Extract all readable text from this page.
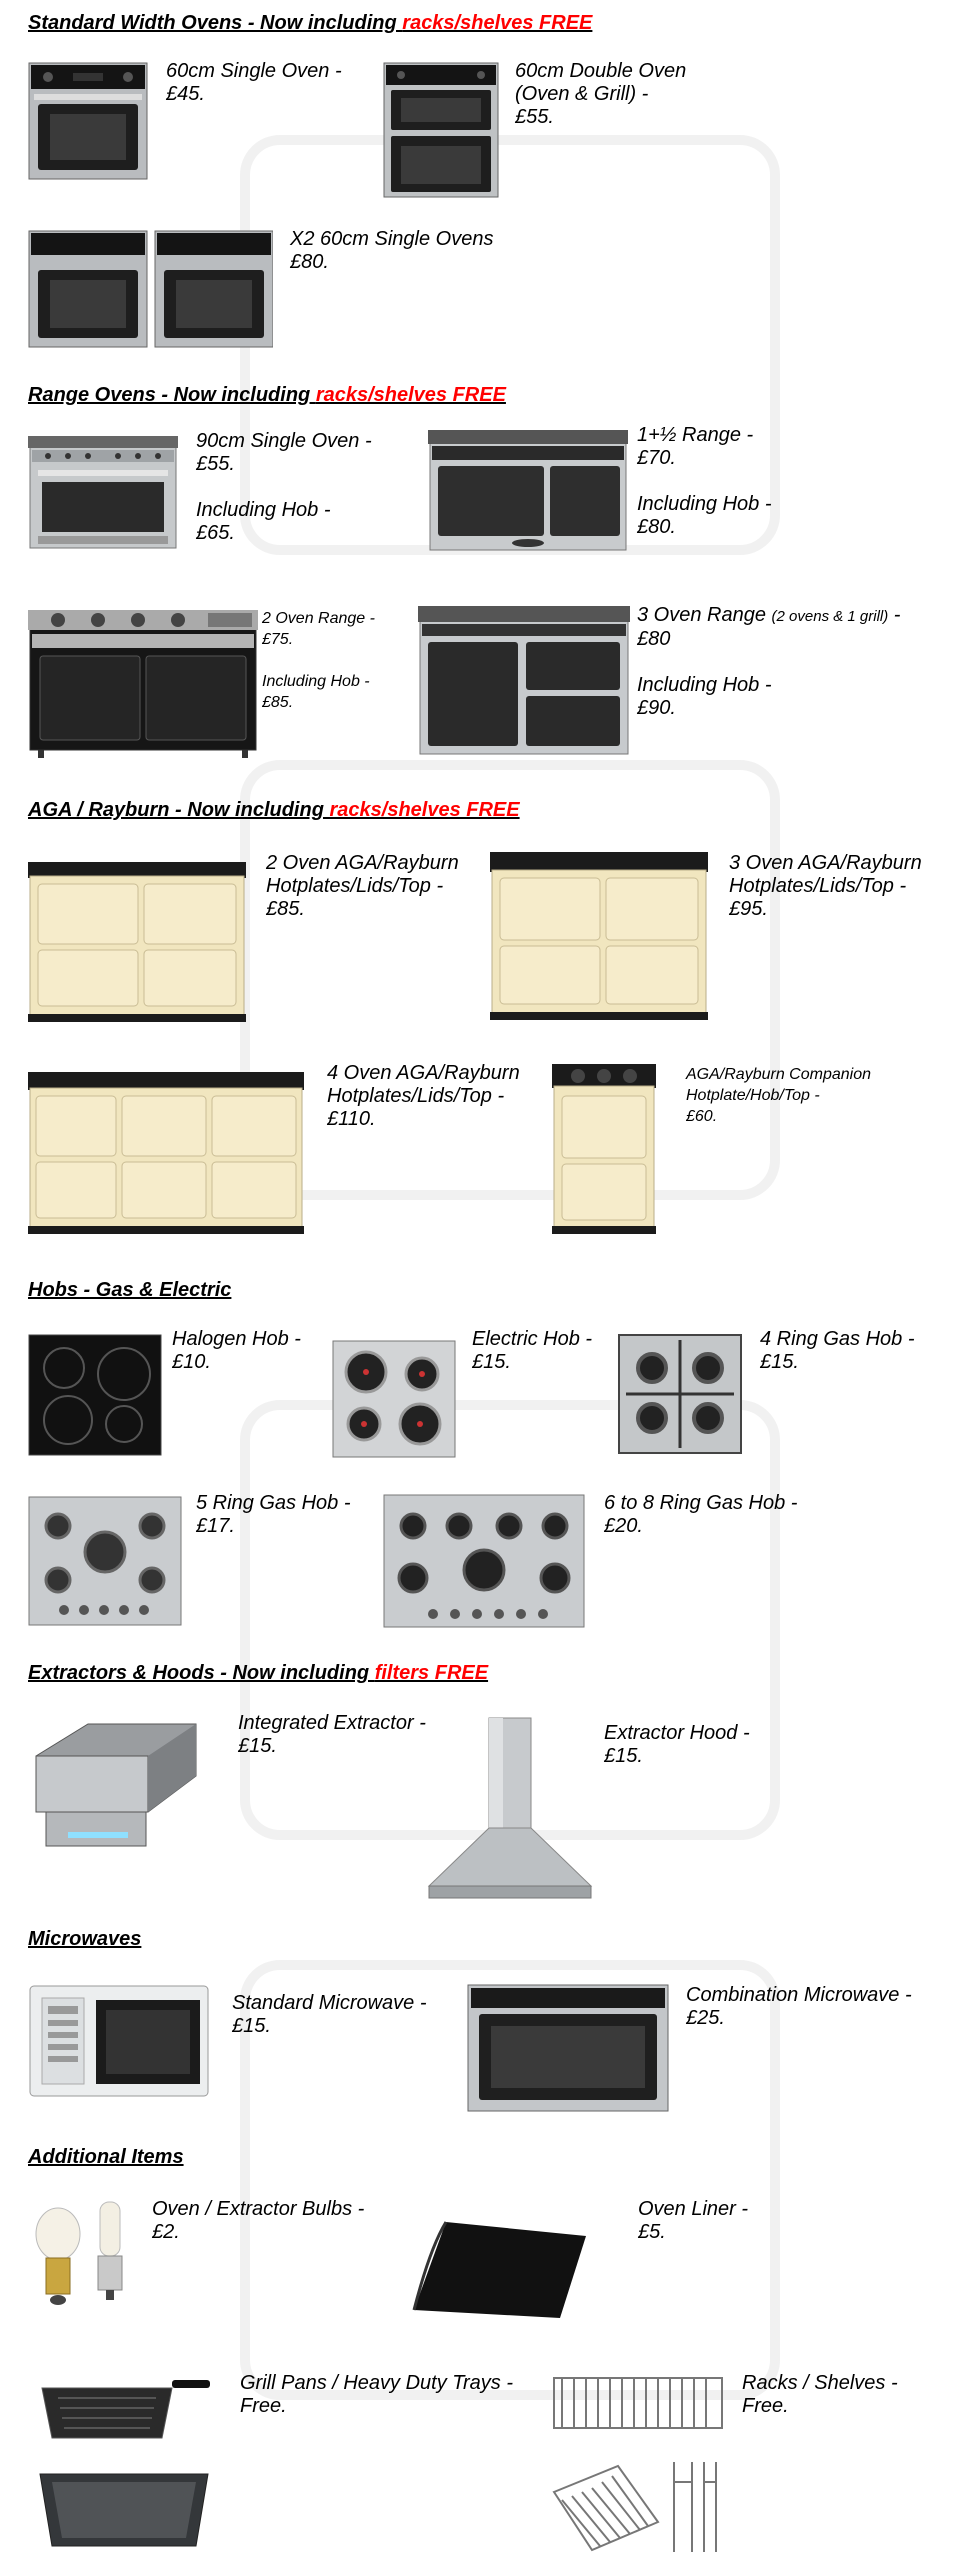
Standard Width Ovens - Now including racks/shelves FREE
60cm Single Oven -
£45.
60cm Double Oven
(Oven & Grill) -
£55.
X2 60cm Single Ovens
£80.
Range Ovens - Now including racks/shelves FREE
90cm Single Oven -
£55.
Including Hob -
£65.
1+½ Range -
£70.
Including Hob -
£80.
2 Oven Range -
£75.
Including Hob -
£85.
3 Oven Range (2 ovens & 1 grill) -
£80
Including Hob -
£90.
AGA / Rayburn - Now including racks/shelves FREE
2 Oven AGA/Rayburn
Hotplates/Lids/Top -
£85.
3 Oven AGA/Rayburn
Hotplates/Lids/Top -
£95.
4 Oven AGA/Rayburn
Hotplates/Lids/Top -
£110.
AGA/Rayburn Companion
Hotplate/Hob/Top -
£60.
Hobs - Gas & Electric
Halogen Hob -
£10.
Electric Hob -
£15.
4 Ring Gas Hob -
£15.
5 Ring Gas Hob -
£17.
6 to 8 Ring Gas Hob -
£20.
Extractors & Hoods - Now including filters FREE
Integrated Extractor -
£15.
Extractor Hood -
£15.
Microwaves
Standard Microwave -
£15.
Combination Microwave -
£25.
Additional Items
Oven / Extractor Bulbs -
£2.
Oven Liner -
£5.
Grill Pans / Heavy Duty Trays -
Free.
Racks / Shelves -
Free.
